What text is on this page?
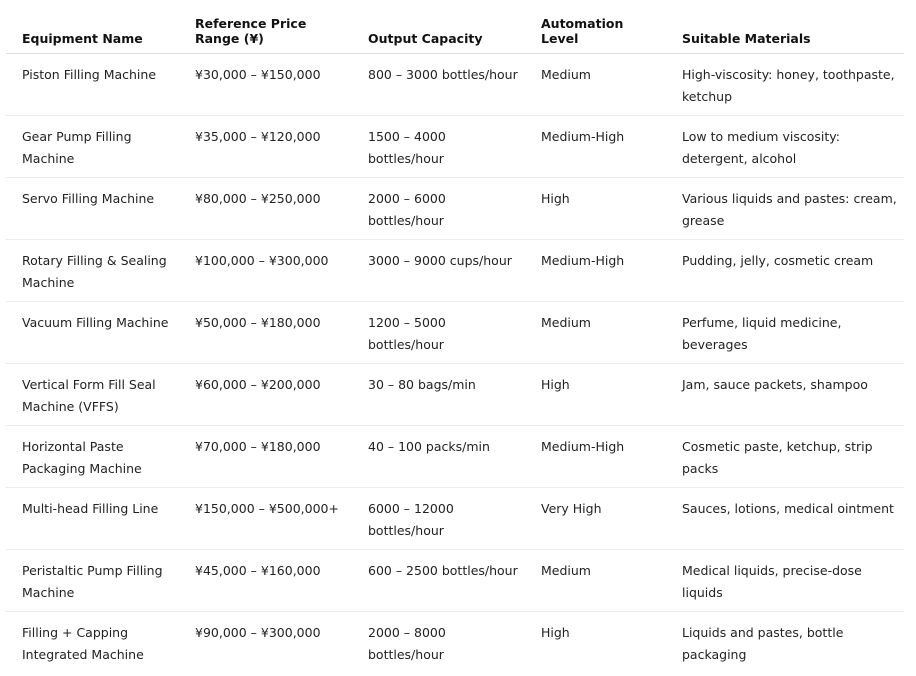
Equipment Name	Reference Price Range (¥)	Output Capacity	Automation Level	Suitable Materials
Piston Filling Machine	¥30,000 – ¥150,000	800 – 3000 bottles/hour	Medium	High-viscosity: honey, toothpaste, ketchup
Gear Pump Filling Machine	¥35,000 – ¥120,000	1500 – 4000 bottles/hour	Medium-High	Low to medium viscosity: detergent, alcohol
Servo Filling Machine	¥80,000 – ¥250,000	2000 – 6000 bottles/hour	High	Various liquids and pastes: cream, grease
Rotary Filling & Sealing Machine	¥100,000 – ¥300,000	3000 – 9000 cups/hour	Medium-High	Pudding, jelly, cosmetic cream
Vacuum Filling Machine	¥50,000 – ¥180,000	1200 – 5000 bottles/hour	Medium	Perfume, liquid medicine, beverages
Vertical Form Fill Seal Machine (VFFS)	¥60,000 – ¥200,000	30 – 80 bags/min	High	Jam, sauce packets, shampoo
Horizontal Paste Packaging Machine	¥70,000 – ¥180,000	40 – 100 packs/min	Medium-High	Cosmetic paste, ketchup, strip packs
Multi-head Filling Line	¥150,000 – ¥500,000+	6000 – 12000 bottles/hour	Very High	Sauces, lotions, medical ointment
Peristaltic Pump Filling Machine	¥45,000 – ¥160,000	600 – 2500 bottles/hour	Medium	Medical liquids, precise-dose liquids
Filling + Capping Integrated Machine	¥90,000 – ¥300,000	2000 – 8000 bottles/hour	High	Liquids and pastes, bottle packaging
